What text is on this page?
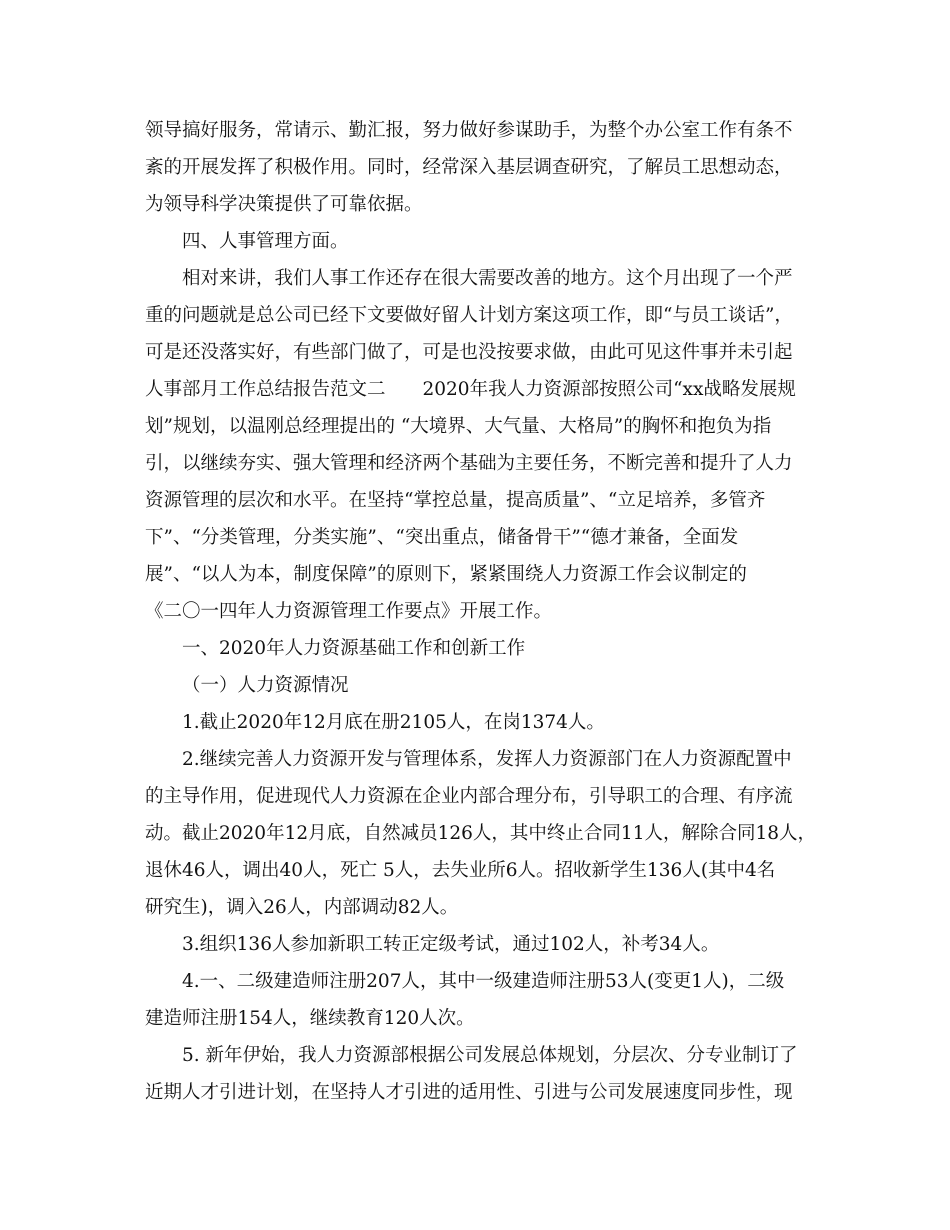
领导搞好服务，常请示、勤汇报，努力做好参谋助手，为整个办公室工作有条不
紊的开展发挥了积极作用。同时，经常深入基层调查研究，了解员工思想动态，
为领导科学决策提供了可靠依据。
四、人事管理方面。
相对来讲，我们人事工作还存在很大需要改善的地方。这个月出现了一个严
重的问题就是总公司已经下文要做好留人计划方案这项工作，即“与员工谈话”，
可是还没落实好，有些部门做了，可是也没按要求做，由此可见这件事并未引起
人事部月工作总结报告范文二　　2020年我人力资源部按照公司“xx战略发展规
划”规划，以温刚总经理提出的 “大境界、大气量、大格局”的胸怀和抱负为指
引，以继续夯实、强大管理和经济两个基础为主要任务，不断完善和提升了人力
资源管理的层次和水平。在坚持“掌控总量，提高质量”、“立足培养，多管齐
下”、“分类管理，分类实施”、“突出重点，储备骨干”“德才兼备，全面发
展”、“以人为本，制度保障”的原则下，紧紧围绕人力资源工作会议制定的
《二〇一四年人力资源管理工作要点》开展工作。
一、2020年人力资源基础工作和创新工作
（一）人力资源情况
1.截止2020年12月底在册2105人，在岗1374人。
2.继续完善人力资源开发与管理体系，发挥人力资源部门在人力资源配置中
的主导作用，促进现代人力资源在企业内部合理分布，引导职工的合理、有序流
动。截止2020年12月底，自然减员126人，其中终止合同11人，解除合同18人，
退休46人，调出40人，死亡 5人，去失业所6人。招收新学生136人(其中4名
研究生)，调入26人，内部调动82人。
3.组织136人参加新职工转正定级考试，通过102人，补考34人。
4.一、二级建造师注册207人，其中一级建造师注册53人(变更1人)，二级
建造师注册154人，继续教育120人次。
5. 新年伊始，我人力资源部根据公司发展总体规划，分层次、分专业制订了
近期人才引进计划，在坚持人才引进的适用性、引进与公司发展速度同步性，现
